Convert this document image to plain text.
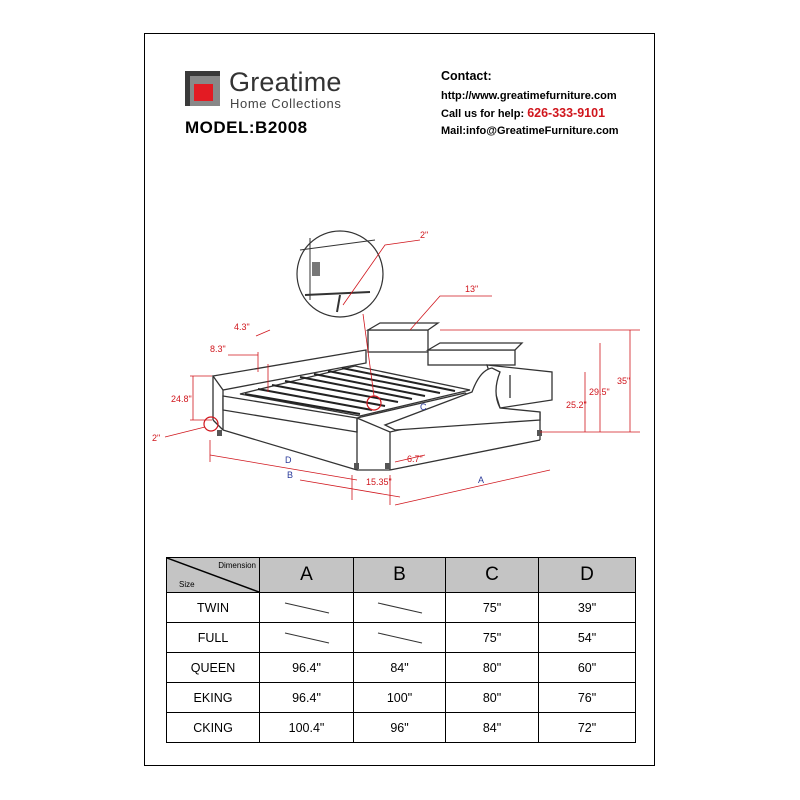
Greatime
Home Collections
MODEL:B2008
Contact:
http://www.greatimefurniture.com
Call us for help: 626-333-9101
Mail:info@GreatimeFurniture.com
2"
13"
4.3"
8.3"
24.8"
2"
35"
29.5"
25.2"
6.7"
15.35"
C
D
B	A
Dimension
Size	A	B	C	D
TWIN			75"	39"
FULL			75"	54"
QUEEN	96.4"	84"	80"	60"
EKING	96.4"	100"	80"	76"
CKING	100.4"	96"	84"	72"
